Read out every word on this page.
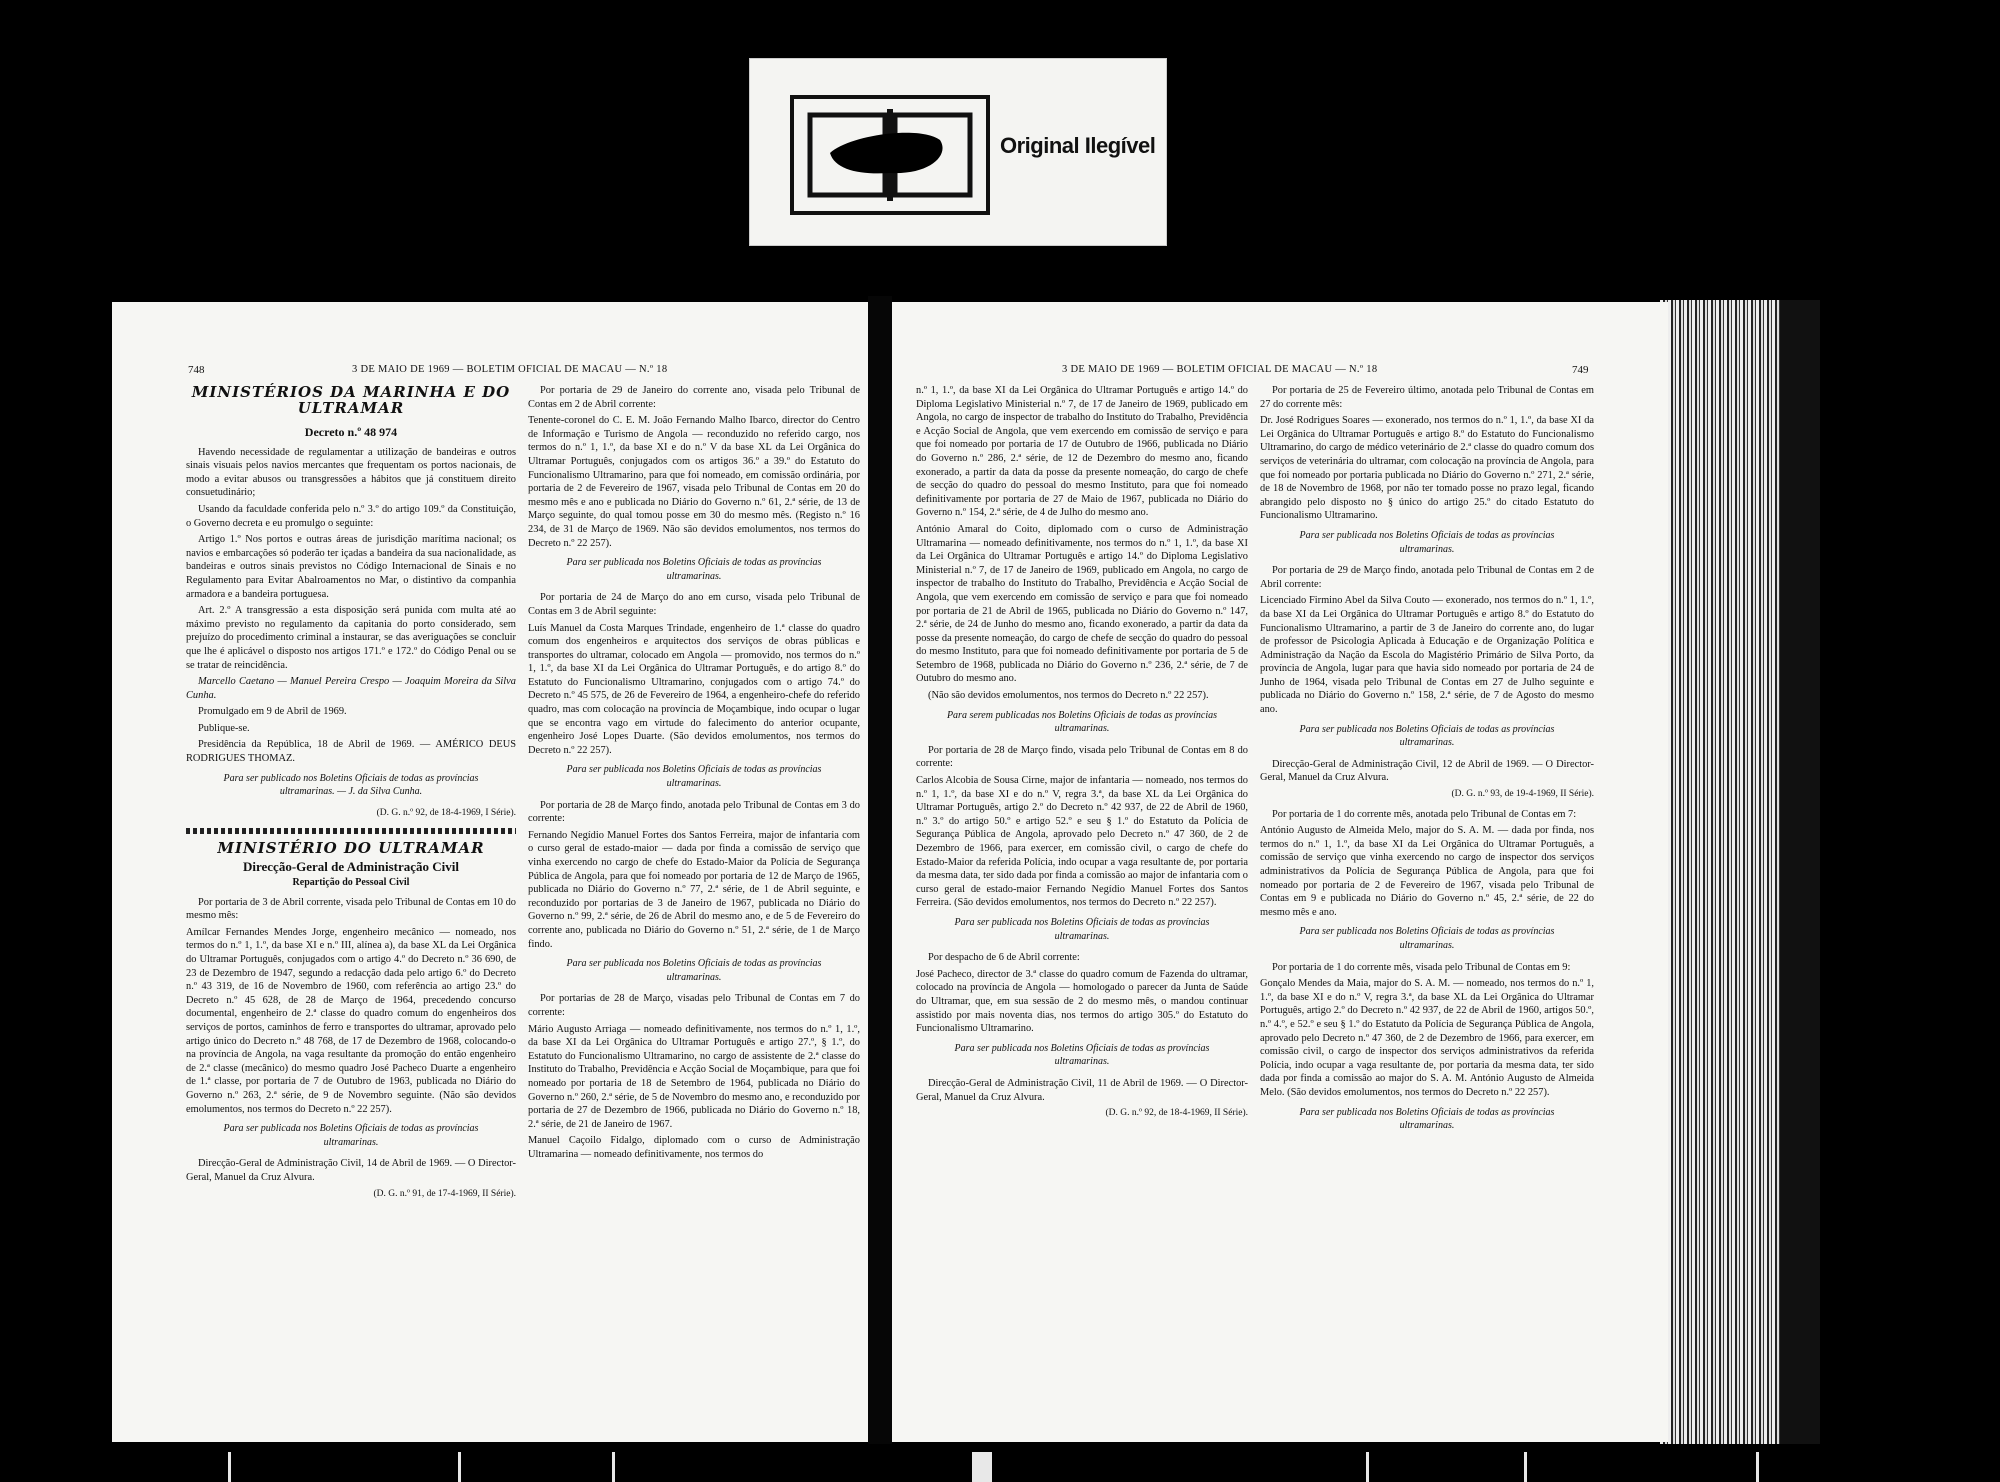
Original Ilegível
748	3 DE MAIO DE 1969 — BOLETIM OFICIAL DE MACAU — N.º 18
MINISTÉRIOS DA MARINHA E DO ULTRAMAR
Decreto n.º 48 974

Havendo necessidade de regulamentar a utilização de bandeiras e outros sinais visuais pelos navios mercantes que frequentam os portos nacionais, de modo a evitar abusos ou transgressões a hábitos que já constituem direito consuetudinário;

Usando da faculdade conferida pelo n.º 3.º do artigo 109.º da Constituição, o Governo decreta e eu promulgo o seguinte:

Artigo 1.º Nos portos e outras áreas de jurisdição marítima nacional; os navios e embarcações só poderão ter içadas a bandeira da sua nacionalidade, as bandeiras e outros sinais previstos no Código Internacional de Sinais e no Regulamento para Evitar Abalroamentos no Mar, o distintivo da companhia armadora e a bandeira portuguesa.

Art. 2.º A transgressão a esta disposição será punida com multa até ao máximo previsto no regulamento da capitania do porto considerado, sem prejuízo do procedimento criminal a instaurar, se das averiguações se concluir que lhe é aplicável o disposto nos artigos 171.º e 172.º do Código Penal ou se se tratar de reincidência.

Marcello Caetano — Manuel Pereira Crespo — Joaquim Moreira da Silva Cunha.

Promulgado em 9 de Abril de 1969.

Publique-se.

Presidência da República, 18 de Abril de 1969. — AMÉRICO DEUS RODRIGUES THOMAZ.

Para ser publicado nos Boletins Oficiais de todas as províncias ultramarinas. — J. da Silva Cunha.

(D. G. n.º 92, de 18-4-1969, I Série).

MINISTÉRIO DO ULTRAMAR
Direcção-Geral de Administração Civil
Repartição do Pessoal Civil

Por portaria de 3 de Abril corrente, visada pelo Tribunal de Contas em 10 do mesmo mês:

Amílcar Fernandes Mendes Jorge, engenheiro mecânico — nomeado, nos termos do n.º 1, 1.º, da base XI e n.º III, alínea a), da base XL da Lei Orgânica do Ultramar Português, conjugados com o artigo 4.º do Decreto n.º 36 690, de 23 de Dezembro de 1947, segundo a redacção dada pelo artigo 6.º do Decreto n.º 43 319, de 16 de Novembro de 1960, com referência ao artigo 23.º do Decreto n.º 45 628, de 28 de Março de 1964, precedendo concurso documental, engenheiro de 2.ª classe do quadro comum do engenheiros dos serviços de portos, caminhos de ferro e transportes do ultramar, aprovado pelo artigo único do Decreto n.º 48 768, de 17 de Dezembro de 1968, colocando-o na província de Angola, na vaga resultante da promoção do então engenheiro de 2.ª classe (mecânico) do mesmo quadro José Pacheco Duarte a engenheiro de 1.ª classe, por portaria de 7 de Outubro de 1963, publicada no Diário do Governo n.º 263, 2.ª série, de 9 de Novembro seguinte. (Não são devidos emolumentos, nos termos do Decreto n.º 22 257).

Para ser publicada nos Boletins Oficiais de todas as províncias ultramarinas.

Direcção-Geral de Administração Civil, 14 de Abril de 1969. — O Director-Geral, Manuel da Cruz Alvura.

(D. G. n.º 91, de 17-4-1969, II Série).

Por portaria de 29 de Janeiro do corrente ano, visada pelo Tribunal de Contas em 2 de Abril corrente:

Tenente-coronel do C. E. M. João Fernando Malho Ibarco, director do Centro de Informação e Turismo de Angola — reconduzido no referido cargo, nos termos do n.º 1, 1.º, da base XI e do n.º V da base XL da Lei Orgânica do Ultramar Português, conjugados com os artigos 36.º a 39.º do Estatuto do Funcionalismo Ultramarino, para que foi nomeado, em comissão ordinária, por portaria de 2 de Fevereiro de 1967, visada pelo Tribunal de Contas em 20 do mesmo mês e ano e publicada no Diário do Governo n.º 61, 2.ª série, de 13 de Março seguinte, do qual tomou posse em 30 do mesmo mês. (Registo n.º 16 234, de 31 de Março de 1969. Não são devidos emolumentos, nos termos do Decreto n.º 22 257).

Para ser publicada nos Boletins Oficiais de todas as províncias ultramarinas.

Por portaria de 24 de Março do ano em curso, visada pelo Tribunal de Contas em 3 de Abril seguinte:

Luís Manuel da Costa Marques Trindade, engenheiro de 1.ª classe do quadro comum dos engenheiros e arquitectos dos serviços de obras públicas e transportes do ultramar, colocado em Angola — promovido, nos termos do n.º 1, 1.º, da base XI da Lei Orgânica do Ultramar Português, e do artigo 8.º do Estatuto do Funcionalismo Ultramarino, conjugados com o artigo 74.º do Decreto n.º 45 575, de 26 de Fevereiro de 1964, a engenheiro-chefe do referido quadro, mas com colocação na província de Moçambique, indo ocupar o lugar que se encontra vago em virtude do falecimento do anterior ocupante, engenheiro José Lopes Duarte. (São devidos emolumentos, nos termos do Decreto n.º 22 257).

Para ser publicada nos Boletins Oficiais de todas as províncias ultramarinas.

Por portaria de 28 de Março findo, anotada pelo Tribunal de Contas em 3 do corrente:

Fernando Negídio Manuel Fortes dos Santos Ferreira, major de infantaria com o curso geral de estado-maior — dada por finda a comissão de serviço que vinha exercendo no cargo de chefe do Estado-Maior da Polícia de Segurança Pública de Angola, para que foi nomeado por portaria de 12 de Março de 1965, publicada no Diário do Governo n.º 77, 2.ª série, de 1 de Abril seguinte, e reconduzido por portarias de 3 de Janeiro de 1967, publicada no Diário do Governo n.º 99, 2.ª série, de 26 de Abril do mesmo ano, e de 5 de Fevereiro do corrente ano, publicada no Diário do Governo n.º 51, 2.ª série, de 1 de Março findo.

Para ser publicada nos Boletins Oficiais de todas as províncias ultramarinas.

Por portarias de 28 de Março, visadas pelo Tribunal de Contas em 7 do corrente:

Mário Augusto Arriaga — nomeado definitivamente, nos termos do n.º 1, 1.º, da base XI da Lei Orgânica do Ultramar Português e artigo 27.º, § 1.º, do Estatuto do Funcionalismo Ultramarino, no cargo de assistente de 2.ª classe do Instituto do Trabalho, Previdência e Acção Social de Moçambique, para que foi nomeado por portaria de 18 de Setembro de 1964, publicada no Diário do Governo n.º 260, 2.ª série, de 5 de Novembro do mesmo ano, e reconduzido por portaria de 27 de Dezembro de 1966, publicada no Diário do Governo n.º 18, 2.ª série, de 21 de Janeiro de 1967.

Manuel Caçoilo Fidalgo, diplomado com o curso de Administração Ultramarina — nomeado definitivamente, nos termos do

3 DE MAIO DE 1969 — BOLETIM OFICIAL DE MACAU — N.º 18	749

n.º 1, 1.º, da base XI da Lei Orgânica do Ultramar Português e artigo 14.º do Diploma Legislativo Ministerial n.º 7, de 17 de Janeiro de 1969, publicado em Angola, no cargo de inspector de trabalho do Instituto do Trabalho, Previdência e Acção Social de Angola, que vem exercendo em comissão de serviço e para que foi nomeado por portaria de 17 de Outubro de 1966, publicada no Diário do Governo n.º 286, 2.ª série, de 12 de Dezembro do mesmo ano, ficando exonerado, a partir da data da posse da presente nomeação, do cargo de chefe de secção do quadro do pessoal do mesmo Instituto, para que foi nomeado definitivamente por portaria de 27 de Maio de 1967, publicada no Diário do Governo n.º 154, 2.ª série, de 4 de Julho do mesmo ano.

António Amaral do Coito, diplomado com o curso de Administração Ultramarina — nomeado definitivamente, nos termos do n.º 1, 1.º, da base XI da Lei Orgânica do Ultramar Português e artigo 14.º do Diploma Legislativo Ministerial n.º 7, de 17 de Janeiro de 1969, publicado em Angola, no cargo de inspector de trabalho do Instituto do Trabalho, Previdência e Acção Social de Angola, que vem exercendo em comissão de serviço e para que foi nomeado por portaria de 21 de Abril de 1965, publicada no Diário do Governo n.º 147, 2.ª série, de 24 de Junho do mesmo ano, ficando exonerado, a partir da data da posse da presente nomeação, do cargo de chefe de secção do quadro do pessoal do mesmo Instituto, para que foi nomeado definitivamente por portaria de 5 de Setembro de 1968, publicada no Diário do Governo n.º 236, 2.ª série, de 7 de Outubro do mesmo ano.

(Não são devidos emolumentos, nos termos do Decreto n.º 22 257).

Para serem publicadas nos Boletins Oficiais de todas as províncias ultramarinas.

Por portaria de 28 de Março findo, visada pelo Tribunal de Contas em 8 do corrente:

Carlos Alcobia de Sousa Cirne, major de infantaria — nomeado, nos termos do n.º 1, 1.º, da base XI e do n.º V, regra 3.ª, da base XL da Lei Orgânica do Ultramar Português, artigo 2.º do Decreto n.º 42 937, de 22 de Abril de 1960, n.º 3.º do artigo 50.º e artigo 52.º e seu § 1.º do Estatuto da Polícia de Segurança Pública de Angola, aprovado pelo Decreto n.º 47 360, de 2 de Dezembro de 1966, para exercer, em comissão civil, o cargo de chefe do Estado-Maior da referida Polícia, indo ocupar a vaga resultante de, por portaria da mesma data, ter sido dada por finda a comissão ao major de infantaria com o curso geral de estado-maior Fernando Negídio Manuel Fortes dos Santos Ferreira. (São devidos emolumentos, nos termos do Decreto n.º 22 257).

Para ser publicada nos Boletins Oficiais de todas as províncias ultramarinas.

Por despacho de 6 de Abril corrente:

José Pacheco, director de 3.ª classe do quadro comum de Fazenda do ultramar, colocado na província de Angola — homologado o parecer da Junta de Saúde do Ultramar, que, em sua sessão de 2 do mesmo mês, o mandou continuar assistido por mais noventa dias, nos termos do artigo 305.º do Estatuto do Funcionalismo Ultramarino.

Para ser publicada nos Boletins Oficiais de todas as províncias ultramarinas.

Direcção-Geral de Administração Civil, 11 de Abril de 1969. — O Director-Geral, Manuel da Cruz Alvura.

(D. G. n.º 92, de 18-4-1969, II Série).

Por portaria de 25 de Fevereiro último, anotada pelo Tribunal de Contas em 27 do corrente mês:

Dr. José Rodrigues Soares — exonerado, nos termos do n.º 1, 1.º, da base XI da Lei Orgânica do Ultramar Português e artigo 8.º do Estatuto do Funcionalismo Ultramarino, do cargo de médico veterinário de 2.ª classe do quadro comum dos serviços de veterinária do ultramar, com colocação na província de Angola, para que foi nomeado por portaria publicada no Diário do Governo n.º 271, 2.ª série, de 18 de Novembro de 1968, por não ter tomado posse no prazo legal, ficando abrangido pelo disposto no § único do artigo 25.º do citado Estatuto do Funcionalismo Ultramarino.

Para ser publicada nos Boletins Oficiais de todas as províncias ultramarinas.

Por portaria de 29 de Março findo, anotada pelo Tribunal de Contas em 2 de Abril corrente:

Licenciado Firmino Abel da Silva Couto — exonerado, nos termos do n.º 1, 1.º, da base XI da Lei Orgânica do Ultramar Português e artigo 8.º do Estatuto do Funcionalismo Ultramarino, a partir de 3 de Janeiro do corrente ano, do lugar de professor de Psicologia Aplicada à Educação e de Organização Política e Administração da Nação da Escola do Magistério Primário de Silva Porto, da província de Angola, lugar para que havia sido nomeado por portaria de 24 de Junho de 1964, visada pelo Tribunal de Contas em 27 de Julho seguinte e publicada no Diário do Governo n.º 158, 2.ª série, de 7 de Agosto do mesmo ano.

Para ser publicada nos Boletins Oficiais de todas as províncias ultramarinas.

Direcção-Geral de Administração Civil, 12 de Abril de 1969. — O Director-Geral, Manuel da Cruz Alvura.

(D. G. n.º 93, de 19-4-1969, II Série).

Por portaria de 1 do corrente mês, anotada pelo Tribunal de Contas em 7:

António Augusto de Almeida Melo, major do S. A. M. — dada por finda, nos termos do n.º 1, 1.º, da base XI da Lei Orgânica do Ultramar Português, a comissão de serviço que vinha exercendo no cargo de inspector dos serviços administrativos da Polícia de Segurança Pública de Angola, para que foi nomeado por portaria de 2 de Fevereiro de 1967, visada pelo Tribunal de Contas em 9 e publicada no Diário do Governo n.º 45, 2.ª série, de 22 do mesmo mês e ano.

Para ser publicada nos Boletins Oficiais de todas as províncias ultramarinas.

Por portaria de 1 do corrente mês, visada pelo Tribunal de Contas em 9:

Gonçalo Mendes da Maia, major do S. A. M. — nomeado, nos termos do n.º 1, 1.º, da base XI e do n.º V, regra 3.ª, da base XL da Lei Orgânica do Ultramar Português, artigo 2.º do Decreto n.º 42 937, de 22 de Abril de 1960, artigos 50.º, n.º 4.º, e 52.º e seu § 1.º do Estatuto da Polícia de Segurança Pública de Angola, aprovado pelo Decreto n.º 47 360, de 2 de Dezembro de 1966, para exercer, em comissão civil, o cargo de inspector dos serviços administrativos da referida Polícia, indo ocupar a vaga resultante de, por portaria da mesma data, ter sido dada por finda a comissão ao major do S. A. M. António Augusto de Almeida Melo. (São devidos emolumentos, nos termos do Decreto n.º 22 257).

Para ser publicada nos Boletins Oficiais de todas as províncias ultramarinas.
